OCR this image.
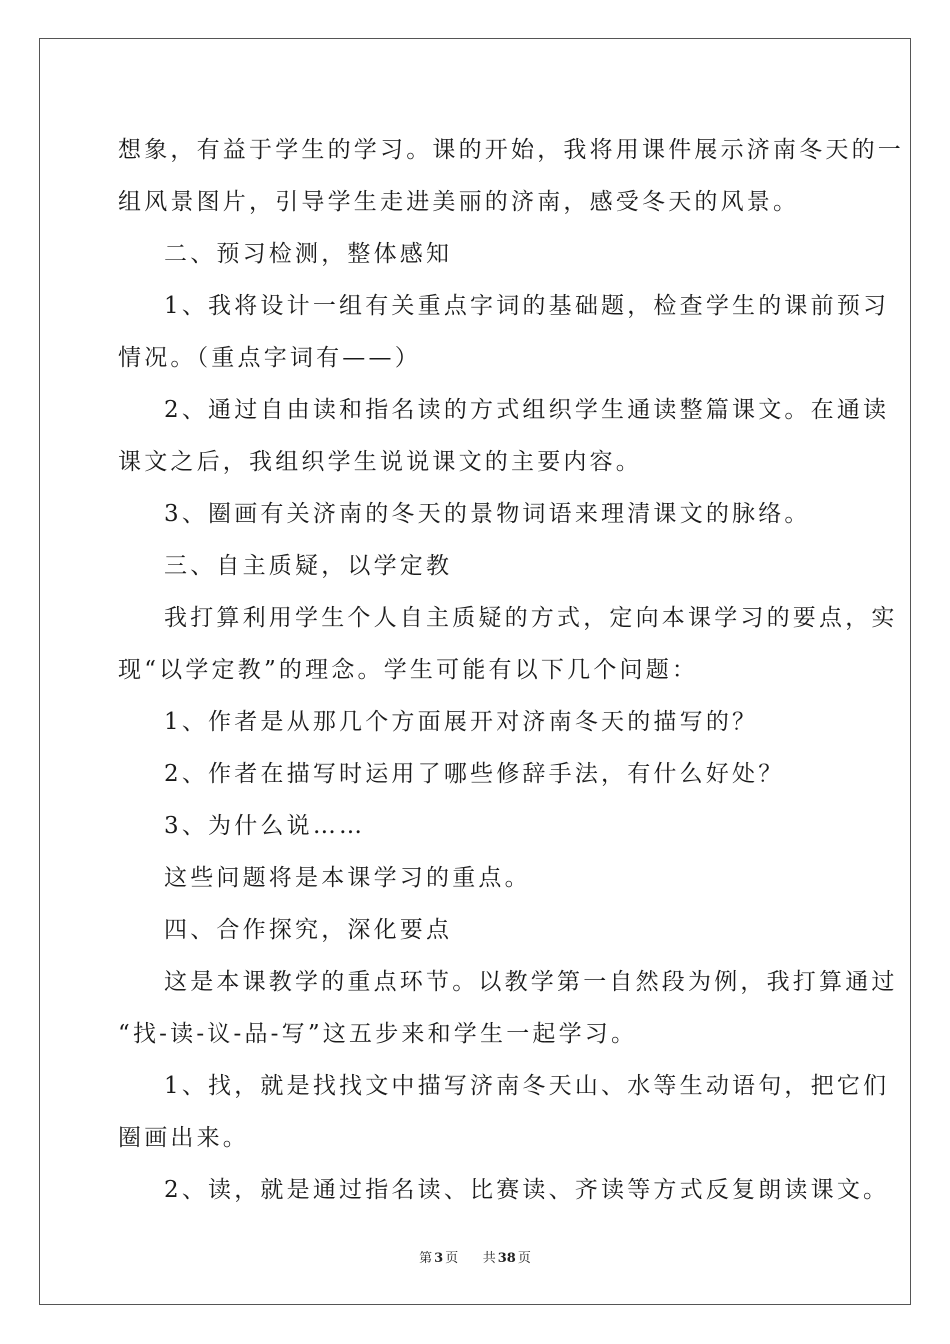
想象，有益于学生的学习。课的开始，我将用课件展示济南冬天的一
组风景图片，引导学生走进美丽的济南，感受冬天的风景。
二、预习检测，整体感知
1、我将设计一组有关重点字词的基础题，检查学生的课前预习
情况。（重点字词有——）
2、通过自由读和指名读的方式组织学生通读整篇课文。在通读
课文之后，我组织学生说说课文的主要内容。
3、圈画有关济南的冬天的景物词语来理清课文的脉络。
三、自主质疑，以学定教
我打算利用学生个人自主质疑的方式，定向本课学习的要点，实
现“以学定教”的理念。学生可能有以下几个问题：
1、作者是从那几个方面展开对济南冬天的描写的？
2、作者在描写时运用了哪些修辞手法，有什么好处？
3、为什么说……
这些问题将是本课学习的重点。
四、合作探究，深化要点
这是本课教学的重点环节。以教学第一自然段为例，我打算通过
“找-读-议-品-写”这五步来和学生一起学习。
1、找，就是找找文中描写济南冬天山、水等生动语句，把它们
圈画出来。
2、读，就是通过指名读、比赛读、齐读等方式反复朗读课文。
第 3 页 共 38 页
